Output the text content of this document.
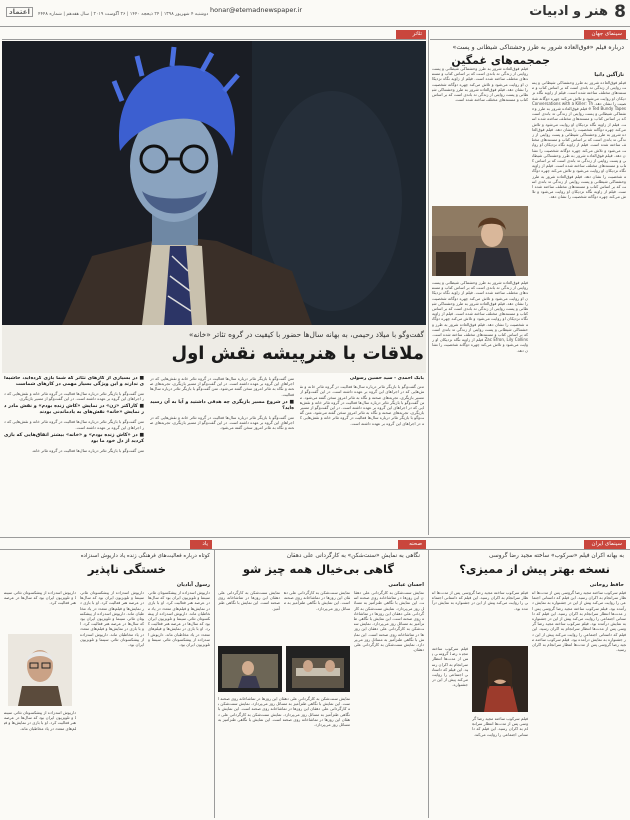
8
هنر و ادبیات
honar@etemadnewspaper.ir
دوشنبه ۴ شهریور ۱۳۹۸ | ۲۴ ذیحجه ۱۴۴۰ | ۲۶ آگوست ۲۰۱۹ | سال هفدهم | شماره ۴۴۴۸
اعتماد
تئاتر
گفت‌وگو با میلاد رحیمی، به بهانه سال‌ها حضور با کیفیت در گروه تئاتر «خانه»
ملاقات با هنرپیشه نقش اول
بابک احمدی - سید حسین رسولی
متن گفت‌وگو با بازیگر تئاتر درباره سال‌ها فعالیت در گروه تئاتر خانه و نقش‌هایی که در اجراهای این گروه بر عهده داشته است. در این گفت‌وگو از مسیر بازیگری، تجربه‌های صحنه و نگاه به تئاتر امروز سخن گفته می‌شود. متن گفت‌وگو با بازیگر تئاتر درباره سال‌ها فعالیت در گروه تئاتر خانه و نقش‌هایی که در اجراهای این گروه بر عهده داشته است. در این گفت‌وگو از مسیر بازیگری، تجربه‌های صحنه و نگاه به تئاتر امروز سخن گفته می‌شود. متن گفت‌وگو با بازیگر تئاتر درباره سال‌ها فعالیت در گروه تئاتر خانه و نقش‌هایی که در اجراهای این گروه بر عهده داشته است.
متن گفت‌وگو با بازیگر تئاتر درباره سال‌ها فعالیت در گروه تئاتر خانه و نقش‌هایی که در اجراهای این گروه بر عهده داشته است. در این گفت‌وگو از مسیر بازیگری، تجربه‌های صحنه و نگاه به تئاتر امروز سخن گفته می‌شود. متن گفت‌وگو با بازیگر تئاتر درباره سال‌ها فعالیت.
■ در شروع مسیر بازیگری چه هدفی داشتید و آیا به آن رسیده‌اید؟
متن گفت‌وگو با بازیگر تئاتر درباره سال‌ها فعالیت در گروه تئاتر خانه و نقش‌هایی که در اجراهای این گروه بر عهده داشته است. در این گفت‌وگو از مسیر بازیگری، تجربه‌های صحنه و نگاه به تئاتر امروز سخن گفته می‌شود.
■ در بسیاری از کارهای تئاتر که شما بازی کرده‌اید، حاشیه‌ای ندارند و این ویژگی بسیار مهمی در کارهای شماست
متن گفت‌وگو با بازیگر تئاتر درباره سال‌ها فعالیت در گروه تئاتر خانه و نقش‌هایی که در اجراهای این گروه بر عهده داشته است. در این گفت‌وگو از مسیر بازیگری.
■ کاراکتر «زن» در نمایش «کاش زنده بودم» و نقش مادر در نمایش «خانه» نقش‌های به یادماندنی بودند
متن گفت‌وگو با بازیگر تئاتر درباره سال‌ها فعالیت در گروه تئاتر خانه و نقش‌هایی که در اجراهای این گروه بر عهده داشته است.
■ در «کاش زنده بودم» و «خانه» بیشتر اتفاق‌هایی که بازی کردید از دل خود ما بود
متن گفت‌وگو با بازیگر تئاتر درباره سال‌ها فعالیت در گروه تئاتر خانه.
سینمای جهان
درباره فیلم «فوق‌العاده شرور به طرز وحشتناکی شیطانی و پست»
جمجمه‌های غمگین
نازآگین دانیا
فیلم فوق‌العاده شرور به طرز وحشتناکی شیطانی و پست روایتی از زندگی تد باندی است که بر اساس کتاب و مستندهای مختلف ساخته شده است. فیلم از زاویه نگاه نزدیکان او روایت می‌شود و تلاش می‌کند چهره دوگانه شخصیت را نشان دهد. Conversations with a Killer: The Ted Bundy Tapes فیلم فوق‌العاده شرور به طرز وحشتناکی شیطانی و پست روایتی از زندگی تد باندی است که بر اساس کتاب و مستندهای مختلف ساخته شده است. فیلم از زاویه نگاه نزدیکان او روایت می‌شود و تلاش می‌کند چهره دوگانه شخصیت را نشان دهد. فیلم فوق‌العاده شرور به طرز وحشتناکی شیطانی و پست روایتی از زندگی تد باندی است که بر اساس کتاب و مستندهای مختلف ساخته شده است. فیلم از زاویه نگاه نزدیکان او روایت می‌شود و تلاش می‌کند چهره دوگانه شخصیت را نشان دهد. فیلم فوق‌العاده شرور به طرز وحشتناکی شیطانی و پست روایتی از زندگی تد باندی است که بر اساس کتاب و مستندهای مختلف ساخته شده است. فیلم از زاویه نگاه نزدیکان او روایت می‌شود و تلاش می‌کند چهره دوگانه شخصیت را نشان دهد. فیلم فوق‌العاده شرور به طرز وحشتناکی شیطانی و پست روایتی از زندگی تد باندی است که بر اساس کتاب و مستندهای مختلف ساخته شده است. فیلم از زاویه نگاه نزدیکان او روایت می‌شود و تلاش می‌کند چهره دوگانه شخصیت را نشان دهد.
فیلم فوق‌العاده شرور به طرز وحشتناکی شیطانی و پست روایتی از زندگی تد باندی است که بر اساس کتاب و مستندهای مختلف ساخته شده است. فیلم از زاویه نگاه نزدیکان او روایت می‌شود و تلاش می‌کند چهره دوگانه شخصیت را نشان دهد. فیلم فوق‌العاده شرور به طرز وحشتناکی شیطانی و پست روایتی از زندگی تد باندی است که بر اساس کتاب و مستندهای مختلف ساخته شده است.
فیلم فوق‌العاده شرور به طرز وحشتناکی شیطانی و پست روایتی از زندگی تد باندی است که بر اساس کتاب و مستندهای مختلف ساخته شده است. فیلم از زاویه نگاه نزدیکان او روایت می‌شود و تلاش می‌کند چهره دوگانه شخصیت را نشان دهد. فیلم فوق‌العاده شرور به طرز وحشتناکی شیطانی و پست روایتی از زندگی تد باندی است که بر اساس کتاب و مستندهای مختلف ساخته شده است. فیلم از زاویه نگاه نزدیکان او روایت می‌شود و تلاش می‌کند چهره دوگانه شخصیت را نشان دهد. فیلم فوق‌العاده شرور به طرز وحشتناکی شیطانی و پست روایتی از زندگی تد باندی است که بر اساس کتاب و مستندهای مختلف ساخته شده است. Zac Efron, Lily Collins فیلم از زاویه نگاه نزدیکان او روایت می‌شود و تلاش می‌کند چهره دوگانه شخصیت را نشان دهد.
سینمای ایران
صحنه
یاد
به بهانه اکران فیلم «سرکوب» ساخته مجید رضا گروسی
نسخه بهتر پیش از ممیزی؟
حافظ روحانی
فیلم سرکوب ساخته مجید رضا گروسی پس از مدت‌ها انتظار سرانجام به اکران رسید. این فیلم که داستانی اجتماعی را روایت می‌کند پیش از این در جشنواره به نمایش درآمده بود. فیلم سرکوب ساخته مجید رضا گروسی پس از مدت‌ها انتظار سرانجام به اکران رسید. این فیلم که داستانی اجتماعی را روایت می‌کند پیش از این در جشنواره به نمایش درآمده بود. فیلم سرکوب ساخته مجید رضا گروسی پس از مدت‌ها انتظار سرانجام به اکران رسید. این فیلم که داستانی اجتماعی را روایت می‌کند پیش از این در جشنواره به نمایش درآمده بود. فیلم سرکوب ساخته مجید رضا گروسی پس از مدت‌ها انتظار سرانجام به اکران رسید.
فیلم سرکوب ساخته مجید رضا گروسی پس از مدت‌ها انتظار سرانجام به اکران رسید. این فیلم که داستانی اجتماعی را روایت می‌کند پیش از این در جشنواره به نمایش درآمده بود.
فیلم سرکوب ساخته مجید رضا گروسی پس از مدت‌ها انتظار سرانجام به اکران رسید. این فیلم که داستانی اجتماعی را روایت می‌کند پیش از این در جشنواره.
فیلم سرکوب ساخته مجید رضا گروسی پس از مدت‌ها انتظار سرانجام به اکران رسید. این فیلم که داستانی اجتماعی را روایت می‌کند.
نگاهی به نمایش «سنت‌شکن» به کارگردانی علی دهقان
گاهی بی‌خیال همه چیز شو
احسان عباسی
نمایش سنت‌شکن به کارگردانی علی دهقان این روزها در تماشاخانه روی صحنه است. این نمایش با نگاهی طنزآمیز به مسائل روز می‌پردازد. نمایش سنت‌شکن به کارگردانی علی دهقان این روزها در تماشاخانه روی صحنه است. این نمایش با نگاهی طنزآمیز به مسائل روز می‌پردازد. نمایش سنت‌شکن به کارگردانی علی دهقان این روزها در تماشاخانه روی صحنه است. این نمایش با نگاهی طنزآمیز به مسائل روز می‌پردازد. نمایش سنت‌شکن به کارگردانی علی دهقان.
نمایش سنت‌شکن به کارگردانی علی دهقان این روزها در تماشاخانه روی صحنه است. این نمایش با نگاهی طنزآمیز به مسائل روز می‌پردازد.
نمایش سنت‌شکن به کارگردانی علی دهقان این روزها در تماشاخانه روی صحنه است. این نمایش با نگاهی طنزآمیز.
نمایش سنت‌شکن به کارگردانی علی دهقان این روزها در تماشاخانه روی صحنه است. این نمایش با نگاهی طنزآمیز به مسائل روز می‌پردازد. نمایش سنت‌شکن به کارگردانی علی دهقان این روزها در تماشاخانه روی صحنه است. این نمایش با نگاهی طنزآمیز به مسائل روز می‌پردازد. نمایش سنت‌شکن به کارگردانی علی دهقان این روزها در تماشاخانه روی صحنه است. این نمایش با نگاهی طنزآمیز به مسائل روز می‌پردازد.
کوتاه درباره فعالیت‌های فرهنگی زنده یاد داریوش اسدزاده
خستگی ناپذیر
رسول آبادیان
داریوش اسدزاده از پیشکسوتان تئاتر، سینما و تلویزیون ایران بود که سال‌ها در عرصه هنر فعالیت کرد. او با بازی در نمایش‌ها و فیلم‌های متعدد در یاد مخاطبان ماند. داریوش اسدزاده از پیشکسوتان تئاتر، سینما و تلویزیون ایران بود که سال‌ها در عرصه هنر فعالیت کرد. او با بازی در نمایش‌ها و فیلم‌های متعدد در یاد مخاطبان ماند. داریوش اسدزاده از پیشکسوتان تئاتر، سینما و تلویزیون ایران بود.
داریوش اسدزاده از پیشکسوتان تئاتر، سینما و تلویزیون ایران بود که سال‌ها در عرصه هنر فعالیت کرد. او با بازی در نمایش‌ها و فیلم‌های متعدد در یاد مخاطبان ماند. داریوش اسدزاده از پیشکسوتان تئاتر، سینما و تلویزیون ایران بود که سال‌ها در عرصه هنر فعالیت کرد. او با بازی در نمایش‌ها و فیلم‌های متعدد در یاد مخاطبان ماند. داریوش اسدزاده از پیشکسوتان تئاتر، سینما و تلویزیون ایران بود.
داریوش اسدزاده از پیشکسوتان تئاتر، سینما و تلویزیون ایران بود که سال‌ها در عرصه هنر فعالیت کرد.
داریوش اسدزاده از پیشکسوتان تئاتر، سینما و تلویزیون ایران بود که سال‌ها در عرصه هنر فعالیت کرد. او با بازی در نمایش‌ها و فیلم‌های متعدد در یاد مخاطبان ماند.
